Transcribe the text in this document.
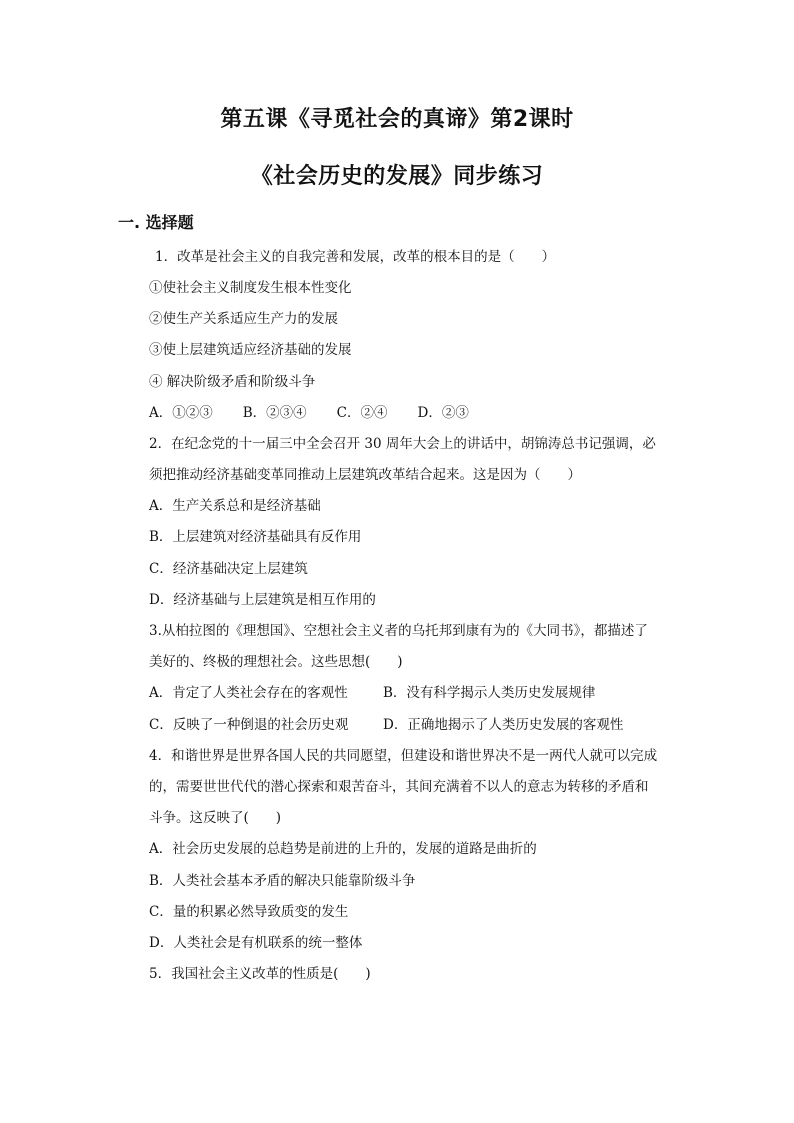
第五课《寻觅社会的真谛》第2课时
《社会历史的发展》同步练习
一. 选择题
1．改革是社会主义的自我完善和发展，改革的根本目的是（　　）
①使社会主义制度发生根本性变化
②使生产关系适应生产力的发展
③使上层建筑适应经济基础的发展
④ 解决阶级矛盾和阶级斗争
A．①②③ B．②③④ C．②④ D．②③
2．在纪念党的十一届三中全会召开 30 周年大会上的讲话中，胡锦涛总书记强调，必
须把推动经济基础变革同推动上层建筑改革结合起来。这是因为（　　）
A．生产关系总和是经济基础
B．上层建筑对经济基础具有反作用
C．经济基础决定上层建筑
D．经济基础与上层建筑是相互作用的
3.从柏拉图的《理想国》、空想社会主义者的乌托邦到康有为的《大同书》，都描述了
美好的、终极的理想社会。这些思想(　　)
A．肯定了人类社会存在的客观性	B．没有科学揭示人类历史发展规律
C．反映了一种倒退的社会历史观	D．正确地揭示了人类历史发展的客观性
4．和谐世界是世界各国人民的共同愿望，但建设和谐世界决不是一两代人就可以完成
的，需要世世代代的潜心探索和艰苦奋斗，其间充满着不以人的意志为转移的矛盾和
斗争。这反映了(　　)
A．社会历史发展的总趋势是前进的上升的，发展的道路是曲折的
B．人类社会基本矛盾的解决只能靠阶级斗争
C．量的积累必然导致质变的发生
D．人类社会是有机联系的统一整体
5．我国社会主义改革的性质是(　　)
